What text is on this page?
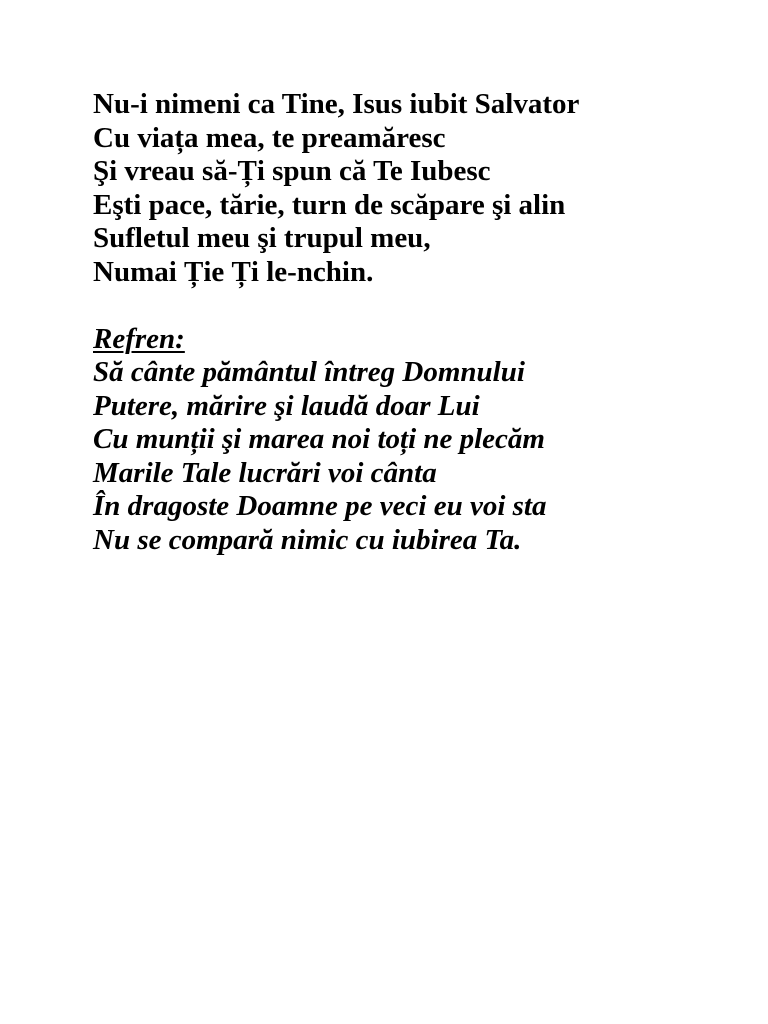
Nu-i nimeni ca Tine, Isus iubit Salvator
Cu viața mea, te preamăresc
Şi vreau să-Ți spun că Te Iubesc
Eşti pace, tărie, turn de scăpare şi alin
Sufletul meu şi trupul meu,
Numai Ție Ți le-nchin.
Refren:
Să cânte pământul întreg Domnului
Putere, mărire şi laudă doar Lui
Cu munții şi marea noi toți ne plecăm
Marile Tale lucrări voi cânta
În dragoste Doamne pe veci eu voi sta
Nu se compară nimic cu iubirea Ta.
